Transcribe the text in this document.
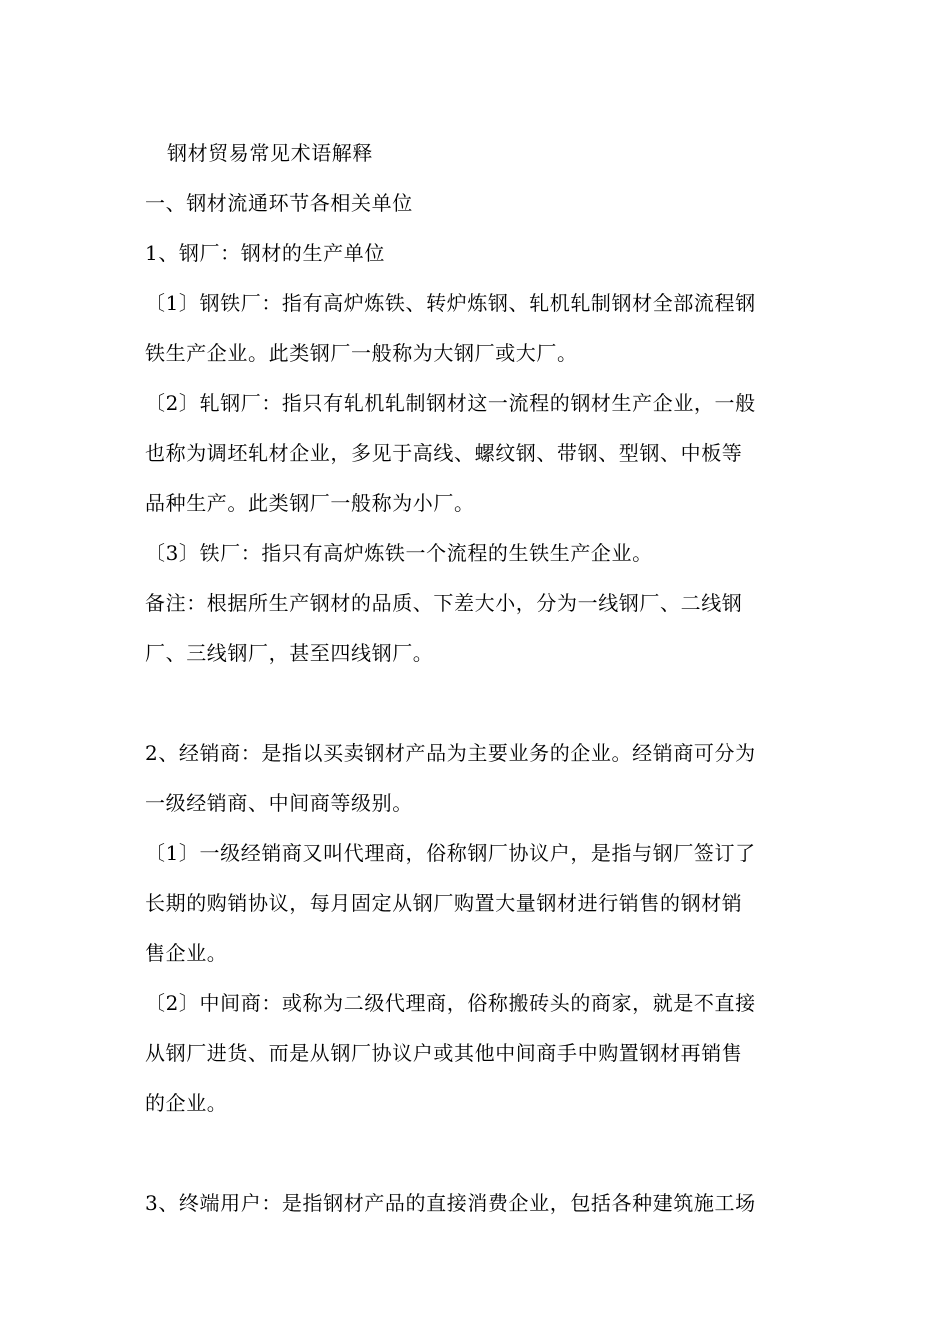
钢材贸易常见术语解释
一、钢材流通环节各相关单位
1、钢厂：钢材的生产单位
〔1〕钢铁厂：指有高炉炼铁、转炉炼钢、轧机轧制钢材全部流程钢
铁生产企业。此类钢厂一般称为大钢厂或大厂。
〔2〕轧钢厂：指只有轧机轧制钢材这一流程的钢材生产企业，一般
也称为调坯轧材企业，多见于高线、螺纹钢、带钢、型钢、中板等
品种生产。此类钢厂一般称为小厂。
〔3〕铁厂：指只有高炉炼铁一个流程的生铁生产企业。
备注：根据所生产钢材的品质、下差大小，分为一线钢厂、二线钢
厂、三线钢厂，甚至四线钢厂。
2、经销商：是指以买卖钢材产品为主要业务的企业。经销商可分为
一级经销商、中间商等级别。
〔1〕一级经销商又叫代理商，俗称钢厂协议户，是指与钢厂签订了
长期的购销协议，每月固定从钢厂购置大量钢材进行销售的钢材销
售企业。
〔2〕中间商：或称为二级代理商，俗称搬砖头的商家，就是不直接
从钢厂进货、而是从钢厂协议户或其他中间商手中购置钢材再销售
的企业。
3、终端用户：是指钢材产品的直接消费企业，包括各种建筑施工场
